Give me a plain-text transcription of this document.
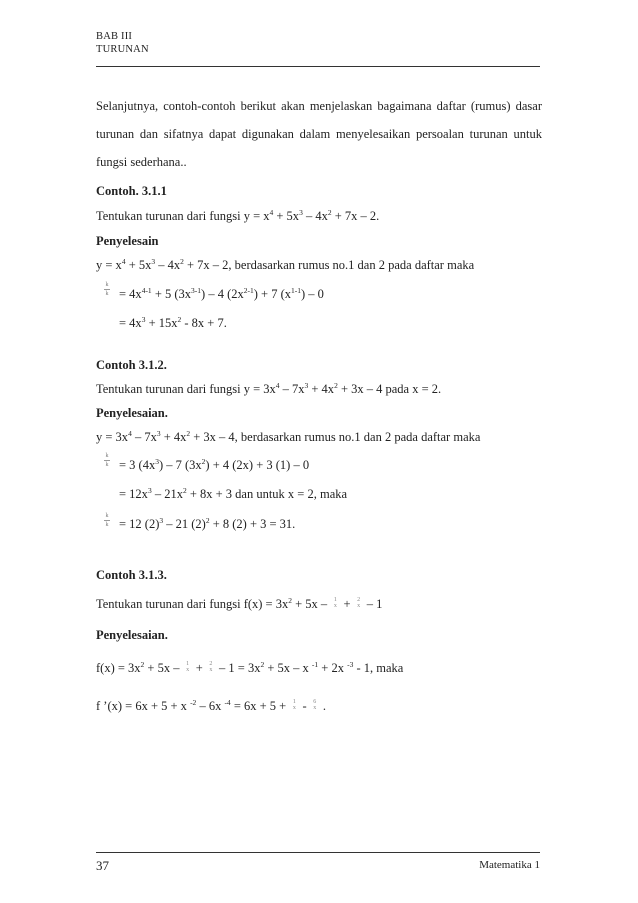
BAB III
TURUNAN
Selanjutnya, contoh-contoh berikut akan menjelaskan bagaimana daftar (rumus) dasar turunan dan sifatnya dapat digunakan dalam menyelesaikan persoalan turunan untuk fungsi sederhana..
Contoh. 3.1.1
Tentukan turunan dari fungsi $y = x^4 + 5x^3 - 4x^2 + 7x - 2$.
Penyelesain
$y = x^4 + 5x^3 - 4x^2 + 7x - 2$, berdasarkan rumus no.1 dan 2 pada daftar maka
k
$k = 4x^{4-1} + 5$ $(3x^{3-1}) - 4$ $(2x^{2-1}) + 7$ $(x^{1-1}) - 0$
= $4x^3 + 15x^2 - 8x + 7$.
Contoh 3.1.2.
Tentukan turunan dari fungsi $y = 3x^4 - 7x^3 + 4x^2 + 3x - 4$ pada x = 2.
Penyelesaian.
$y = 3x^4 - 7x^3 + 4x^2 + 3x - 4$, berdasarkan rumus no.1 dan 2 pada daftar maka
k
k = 3 $(4x^3) - 7$ $(3x^2) + 4$ (2x) + 3 (1) – 0
= $12x^3 - 21x^2 + 8x + 3$ dan untuk x = 2, maka
k
k = 12 $(2)^3 - 21$ $(2)^2 + 8$ (2) + 3 = 31.
Contoh 3.1.3.
Tentukan turunan dari fungsi $f(x) = 3x^2 + 5x$ –	1
x +	2
x – 1
Penyelesaian.
$f(x) = 3x^2 + 5x$ –	1
x +	2
$x - 1 = 3x^2 + 5x - x$ $^{-1}$ + 2x $^{-3}$ - 1, maka
f ’(x) = 6x + 5 + x $^{-2}$ – 6x $^{-4}$ = 6x + 5 +	1
x -	6
x .
37	Matematika 1
